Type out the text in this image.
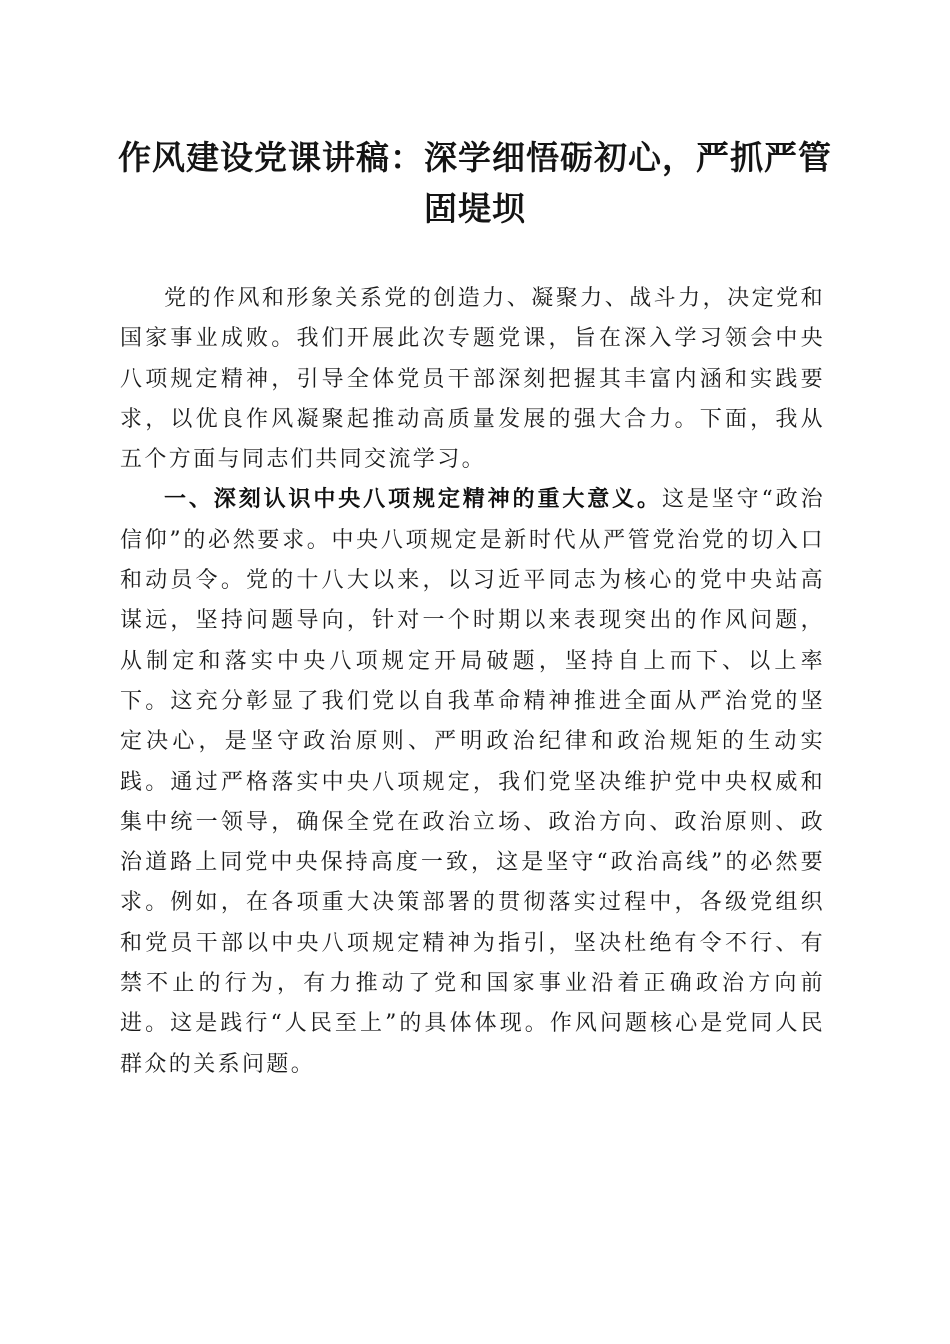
作风建设党课讲稿：深学细悟砺初心，严抓严管固堤坝

党的作风和形象关系党的创造力、凝聚力、战斗力，决定党和国家事业成败。我们开展此次专题党课，旨在深入学习领会中央八项规定精神，引导全体党员干部深刻把握其丰富内涵和实践要求，以优良作风凝聚起推动高质量发展的强大合力。下面，我从五个方面与同志们共同交流学习。

一、深刻认识中央八项规定精神的重大意义。这是坚守“政治信仰”的必然要求。中央八项规定是新时代从严管党治党的切入口和动员令。党的十八大以来，以习近平同志为核心的党中央站高谋远，坚持问题导向，针对一个时期以来表现突出的作风问题，从制定和落实中央八项规定开局破题，坚持自上而下、以上率下。这充分彰显了我们党以自我革命精神推进全面从严治党的坚定决心，是坚守政治原则、严明政治纪律和政治规矩的生动实践。通过严格落实中央八项规定，我们党坚决维护党中央权威和集中统一领导，确保全党在政治立场、政治方向、政治原则、政治道路上同党中央保持高度一致，这是坚守“政治高线”的必然要求。例如，在各项重大决策部署的贯彻落实过程中，各级党组织和党员干部以中央八项规定精神为指引，坚决杜绝有令不行、有禁不止的行为，有力推动了党和国家事业沿着正确政治方向前进。这是践行“人民至上”的具体体现。作风问题核心是党同人民群众的关系问题。
